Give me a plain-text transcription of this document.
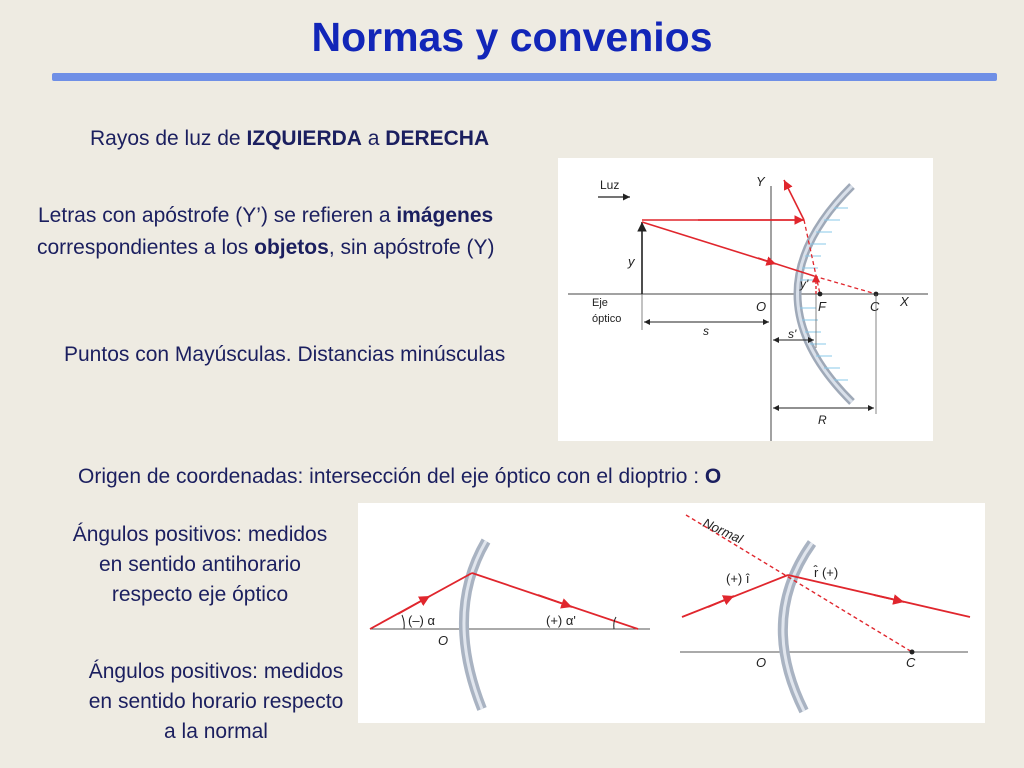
Normas y convenios
Rayos de luz de IZQUIERDA a DERECHA
Letras con apóstrofe (Y’) se refieren a imágenes
correspondientes a los objetos, sin apóstrofe (Y)
Puntos con Mayúsculas. Distancias minúsculas
Origen de coordenadas: intersección del eje óptico con el dioptrio : O
Ángulos positivos: medidos
en sentido antihorario
respecto eje óptico
Ángulos positivos: medidos
en sentido horario respecto
a la normal
Luz	Y
Eje
óptico
X
y
y'
O	F	C
s	s'
R
(–) α	(+) α'
O
Normal
(+) î	r̂ (+)
O	C
